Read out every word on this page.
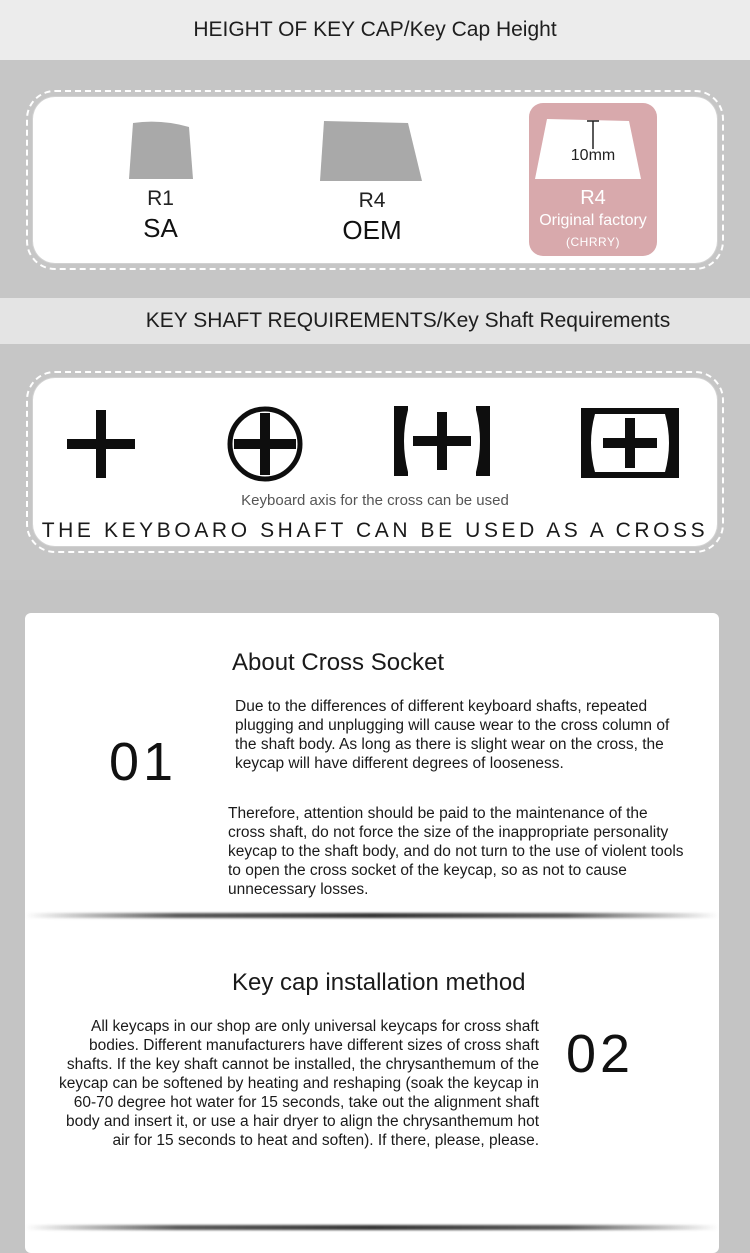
HEIGHT OF KEY CAP/Key Cap Height
R1
SA
R4
OEM
10mm
R4
Original factory
(CHRRY)
KEY SHAFT REQUIREMENTS/Key Shaft Requirements
Keyboard axis for the cross can be used
THE KEYBOARO SHAFT CAN BE USED AS A CROSS
About Cross Socket
01
Due to the differences of different keyboard shafts, repeated plugging and unplugging will cause wear to the cross column of the shaft body. As long as there is slight wear on the cross, the keycap will have different degrees of looseness.
Therefore, attention should be paid to the maintenance of the cross shaft, do not force the size of the inappropriate personality keycap to the shaft body, and do not turn to the use of violent tools to open the cross socket of the keycap, so as not to cause unnecessary losses.
Key cap installation method
All keycaps in our shop are only universal keycaps for cross shaft bodies. Different manufacturers have different sizes of cross shaft shafts. If the key shaft cannot be installed, the chrysanthemum of the keycap can be softened by heating and reshaping (soak the keycap in 60-70 degree hot water for 15 seconds, take out the alignment shaft body and insert it, or use a hair dryer to align the chrysanthemum hot air for 15 seconds to heat and soften). If there, please, please.
02
